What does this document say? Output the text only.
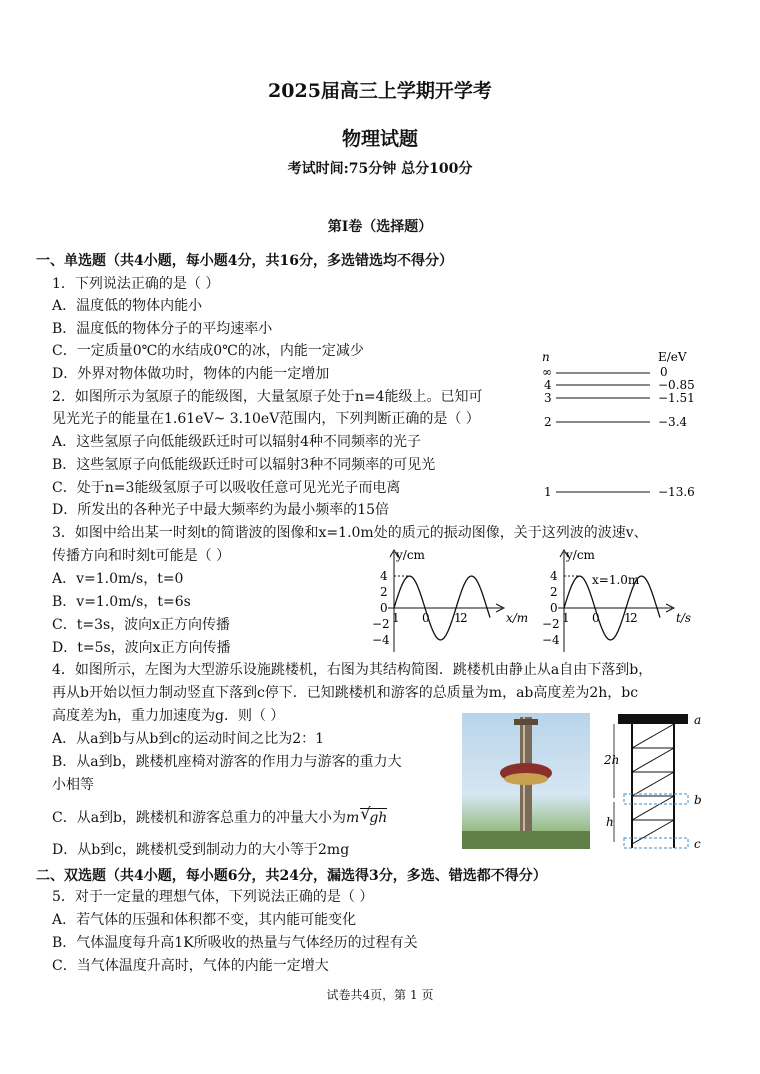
2025届高三上学期开学考
物理试题
考试时间:75分钟 总分100分
第Ⅰ卷（选择题）
一、单选题（共4小题，每小题4分，共16分，多选错选均不得分）
1．下列说法正确的是（ ）
A．温度低的物体内能小
B．温度低的物体分子的平均速率小
C．一定质量0℃的水结成0℃的冰，内能一定减少
D．外界对物体做功时，物体的内能一定增加
2．如图所示为氢原子的能级图，大量氢原子处于n=4能级上。已知可
见光光子的能量在1.61eV~ 3.10eV范围内，下列判断正确的是（ ）
A．这些氢原子向低能级跃迁时可以辐射4种不同频率的光子
B．这些氢原子向低能级跃迁时可以辐射3种不同频率的可见光
C．处于n=3能级氢原子可以吸收任意可见光光子而电离
D．所发出的各种光子中最大频率约为最小频率的15倍
n	E/eV
∞	0
4	−0.85
3	−1.51
2	−3.4
1	−13.6
3．如图中给出某一时刻t的简谐波的图像和x=1.0m处的质元的振动图像，关于这列波的波速v、
传播方向和时刻t可能是（ ）
A．v=1.0m/s，t=0
B．v=1.0m/s，t=6s
C．t=3s，波向x正方向传播
D．t=5s，波向x正方向传播
y/cm
x/m
4
2
0
−2
−4
1 0 1
2
y/cm
t/s
x=1.0m
4
2
0
−2
−4
1 0 1
2
4．如图所示，左图为大型游乐设施跳楼机，右图为其结构简图．跳楼机由静止从a自由下落到b，
再从b开始以恒力制动竖直下落到c停下．已知跳楼机和游客的总质量为m，ab高度差为2h，bc
高度差为h，重力加速度为g．则（ ）
A．从a到b与从b到c的运动时间之比为2：1
B．从a到b，跳楼机座椅对游客的作用力与游客的重力大
小相等
C．从a到b，跳楼机和游客总重力的冲量大小为m √
gh
D．从b到c，跳楼机受到制动力的大小等于2mg
a
b
c
2h
h
二、双选题（共4小题，每小题6分，共24分，漏选得3分，多选、错选都不得分）
5．对于一定量的理想气体，下列说法正确的是（ ）
A．若气体的压强和体积都不变，其内能可能变化
B．气体温度每升高1K所吸收的热量与气体经历的过程有关
C．当气体温度升高时，气体的内能一定增大
试卷共4页，第 1 页
